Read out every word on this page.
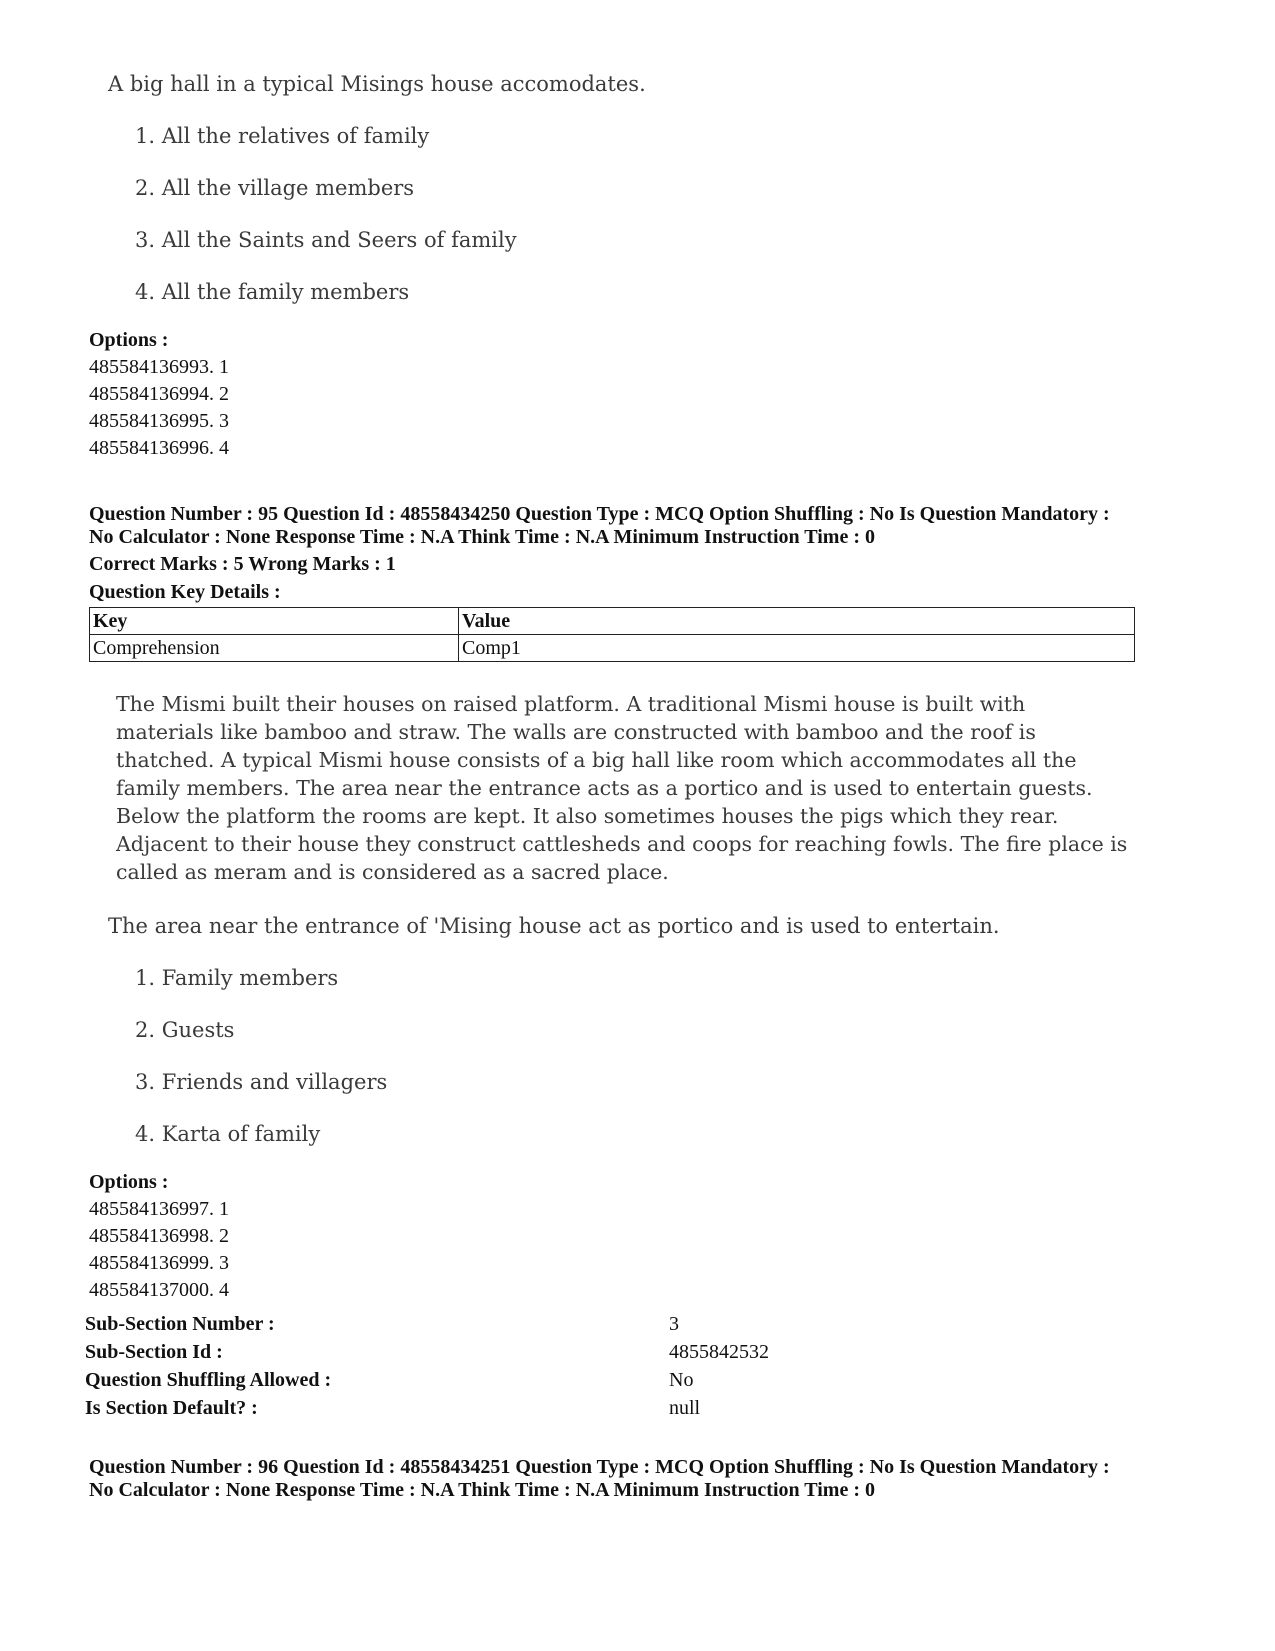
A big hall in a typical Misings house accomodates.
1. All the relatives of family
2. All the village members
3. All the Saints and Seers of family
4. All the family members
Options :
485584136993. 1
485584136994. 2
485584136995. 3
485584136996. 4
Question Number : 95 Question Id : 48558434250 Question Type : MCQ Option Shuffling : No Is Question Mandatory :
No Calculator : None Response Time : N.A Think Time : N.A Minimum Instruction Time : 0
Correct Marks : 5 Wrong Marks : 1
Question Key Details :
Key	Value
Comprehension	Comp1
The Mismi built their houses on raised platform. A traditional Mismi house is built with materials like bamboo and straw. The walls are constructed with bamboo and the roof is thatched. A typical Mismi house consists of a big hall like room which accommodates all the family members. The area near the entrance acts as a portico and is used to entertain guests. Below the platform the rooms are kept. It also sometimes houses the pigs which they rear. Adjacent to their house they construct cattlesheds and coops for reaching fowls. The fire place is called as meram and is considered as a sacred place.
The area near the entrance of 'Mising house act as portico and is used to entertain.
1. Family members
2. Guests
3. Friends and villagers
4. Karta of family
Options :
485584136997. 1
485584136998. 2
485584136999. 3
485584137000. 4
Sub-Section Number :	3
Sub-Section Id :	4855842532
Question Shuffling Allowed :	No
Is Section Default? :	null
Question Number : 96 Question Id : 48558434251 Question Type : MCQ Option Shuffling : No Is Question Mandatory :
No Calculator : None Response Time : N.A Think Time : N.A Minimum Instruction Time : 0
